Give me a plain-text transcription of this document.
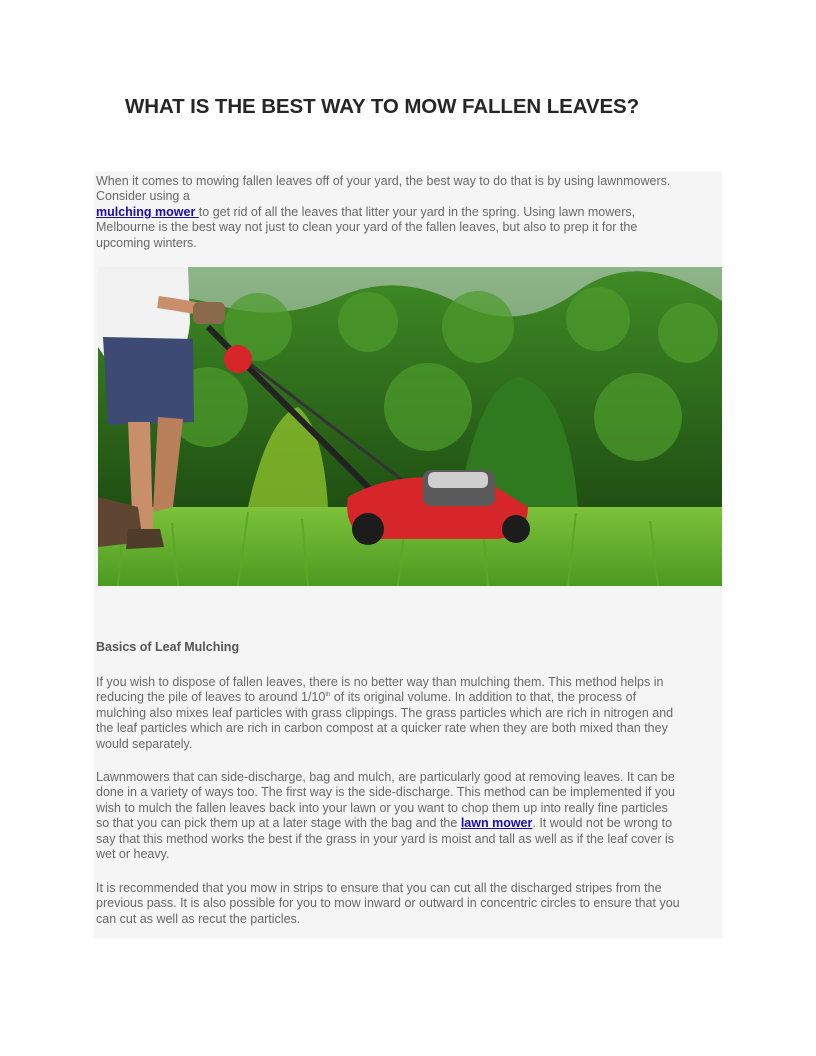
WHAT IS THE BEST WAY TO MOW FALLEN LEAVES?

When it comes to mowing fallen leaves off of your yard, the best way to do that is by using lawnmowers.
Consider using a
mulching mower to get rid of all the leaves that litter your yard in the spring. Using lawn mowers,
Melbourne is the best way not just to clean your yard of the fallen leaves, but also to prep it for the
upcoming winters.

Basics of Leaf Mulching

If you wish to dispose of fallen leaves, there is no better way than mulching them. This method helps in
reducing the pile of leaves to around 1/10th of its original volume. In addition to that, the process of
mulching also mixes leaf particles with grass clippings. The grass particles which are rich in nitrogen and
the leaf particles which are rich in carbon compost at a quicker rate when they are both mixed than they
would separately.

Lawnmowers that can side-discharge, bag and mulch, are particularly good at removing leaves. It can be
done in a variety of ways too. The first way is the side-discharge. This method can be implemented if you
wish to mulch the fallen leaves back into your lawn or you want to chop them up into really fine particles
so that you can pick them up at a later stage with the bag and the lawn mower. It would not be wrong to
say that this method works the best if the grass in your yard is moist and tall as well as if the leaf cover is
wet or heavy.

It is recommended that you mow in strips to ensure that you can cut all the discharged stripes from the
previous pass. It is also possible for you to mow inward or outward in concentric circles to ensure that you
can cut as well as recut the particles.
